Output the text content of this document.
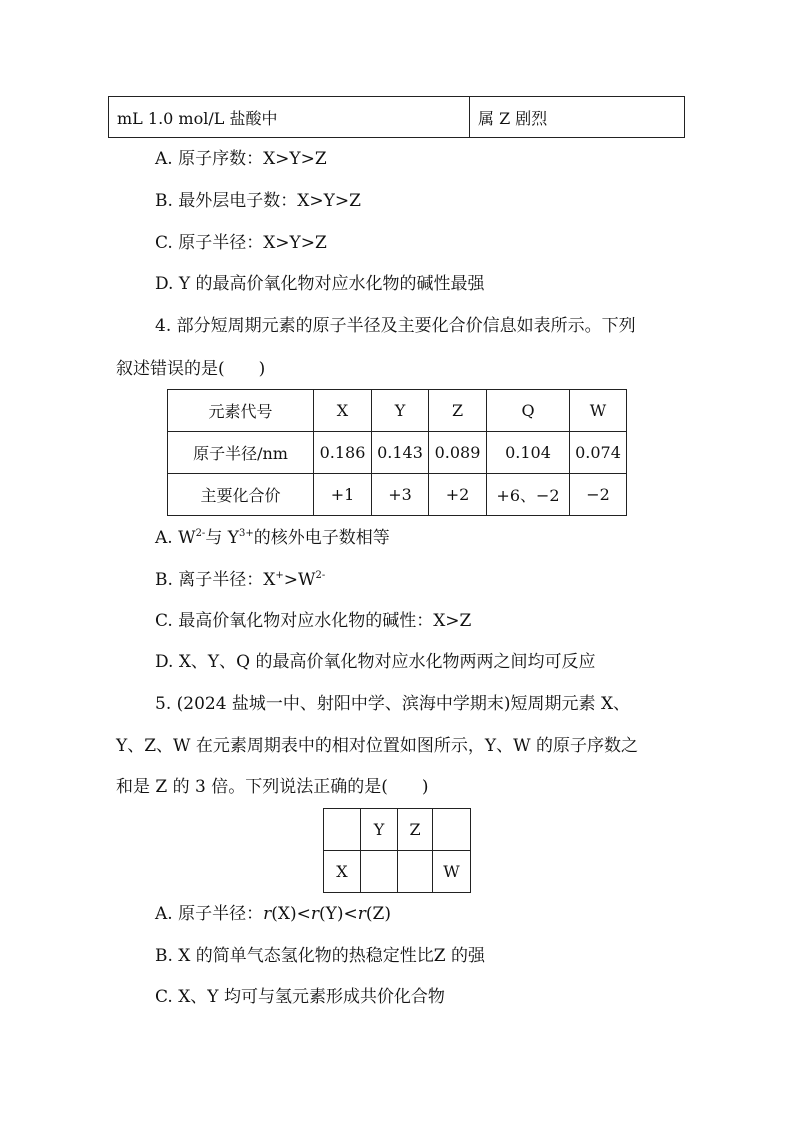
mL 1.0 mol/L 盐酸中	属 Z 剧烈
A. 原子序数：X>Y>Z
B. 最外层电子数：X>Y>Z
C. 原子半径：X>Y>Z
D. Y 的最高价氧化物对应水化物的碱性最强
4. 部分短周期元素的原子半径及主要化合价信息如表所示。下列
叙述错误的是(　　)
元素代号	X	Y	Z	Q	W
原子半径/nm	0.186	0.143	0.089	0.104	0.074
主要化合价	+1	+3	+2	+6、−2	−2
A. $W^{2-}$与 $Y^{3+}$的核外电子数相等
B. 离子半径：$X^+>W^{2-}$
C. 最高价氧化物对应水化物的碱性：X>Z
D. X、Y、Q 的最高价氧化物对应水化物两两之间均可反应
5. (2024 盐城一中、射阳中学、滨海中学期末)短周期元素 X、
Y、Z、W 在元素周期表中的相对位置如图所示，Y、W 的原子序数之
和是 Z 的 3 倍。下列说法正确的是(　　)
	Y	Z	
X			W
A. 原子半径：r(X)<r(Y)<r(Z)
B. X 的简单气态氢化物的热稳定性比Z 的强
C. X、Y 均可与氢元素形成共价化合物
